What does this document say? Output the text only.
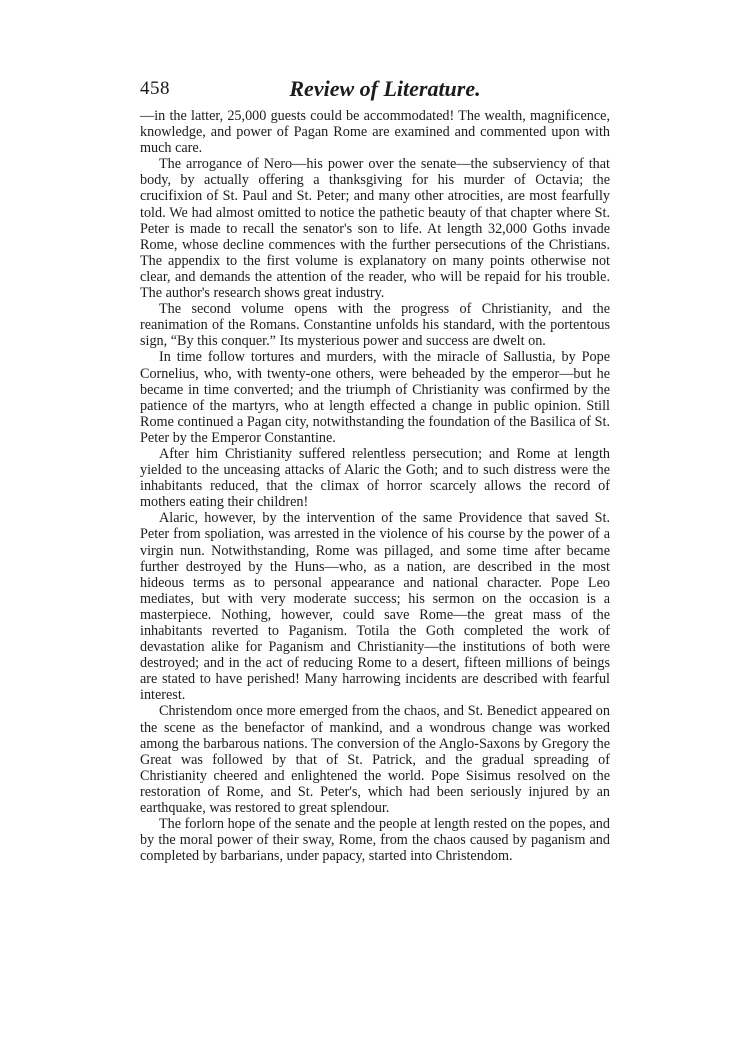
458	Review of Literature.

—in the latter, 25,000 guests could be accommodated! The wealth, magnificence, knowledge, and power of Pagan Rome are examined and commented upon with much care.

The arrogance of Nero—his power over the senate—the subserviency of that body, by actually offering a thanksgiving for his murder of Octavia; the crucifixion of St. Paul and St. Peter; and many other atrocities, are most fearfully told. We had almost omitted to notice the pathetic beauty of that chapter where St. Peter is made to recall the senator's son to life. At length 32,000 Goths invade Rome, whose decline commences with the further persecutions of the Christians. The appendix to the first volume is explanatory on many points otherwise not clear, and demands the attention of the reader, who will be repaid for his trouble. The author's research shows great industry.

The second volume opens with the progress of Christianity, and the reanimation of the Romans. Constantine unfolds his standard, with the portentous sign, “By this conquer.” Its mysterious power and success are dwelt on.

In time follow tortures and murders, with the miracle of Sallustia, by Pope Cornelius, who, with twenty-one others, were beheaded by the emperor—but he became in time converted; and the triumph of Christianity was confirmed by the patience of the martyrs, who at length effected a change in public opinion. Still Rome continued a Pagan city, notwithstanding the foundation of the Basilica of St. Peter by the Emperor Constantine.

After him Christianity suffered relentless persecution; and Rome at length yielded to the unceasing attacks of Alaric the Goth; and to such distress were the inhabitants reduced, that the climax of horror scarcely allows the record of mothers eating their children!

Alaric, however, by the intervention of the same Providence that saved St. Peter from spoliation, was arrested in the violence of his course by the power of a virgin nun. Notwithstanding, Rome was pillaged, and some time after became further destroyed by the Huns—who, as a nation, are described in the most hideous terms as to personal appearance and national character. Pope Leo mediates, but with very moderate success; his sermon on the occasion is a masterpiece. Nothing, however, could save Rome—the great mass of the inhabitants reverted to Paganism. Totila the Goth completed the work of devastation alike for Paganism and Christianity—the institutions of both were destroyed; and in the act of reducing Rome to a desert, fifteen millions of beings are stated to have perished! Many harrowing incidents are described with fearful interest.

Christendom once more emerged from the chaos, and St. Benedict appeared on the scene as the benefactor of mankind, and a wondrous change was worked among the barbarous nations. The conversion of the Anglo-Saxons by Gregory the Great was followed by that of St. Patrick, and the gradual spreading of Christianity cheered and enlightened the world. Pope Sisimus resolved on the restoration of Rome, and St. Peter's, which had been seriously injured by an earthquake, was restored to great splendour.

The forlorn hope of the senate and the people at length rested on the popes, and by the moral power of their sway, Rome, from the chaos caused by paganism and completed by barbarians, under papacy, started into Christendom.
